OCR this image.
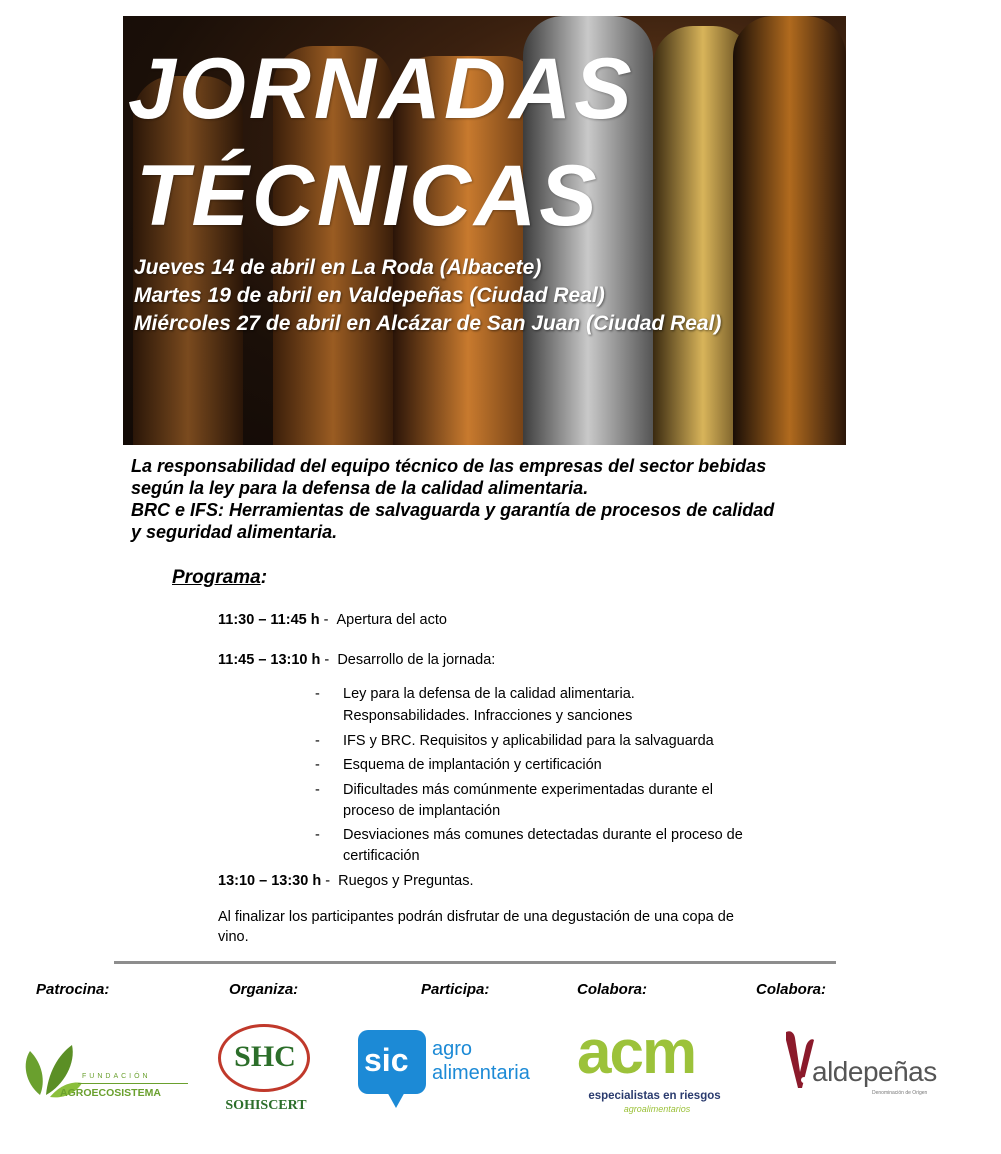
JORNADAS
TÉCNICAS
Jueves 14 de abril en La Roda (Albacete)
Martes 19 de abril en Valdepeñas (Ciudad Real)
Miércoles 27 de abril en Alcázar de San Juan (Ciudad Real)
La responsabilidad del equipo técnico de las empresas del sector bebidas
según la ley para la defensa de la calidad alimentaria.
BRC e IFS: Herramientas de salvaguarda y garantía de procesos de calidad
y seguridad alimentaria.
Programa:
11:30 – 11:45 h -  Apertura del acto
11:45 – 13:10 h -  Desarrollo de la jornada:
- Ley para la defensa de la calidad alimentaria.
Responsabilidades. Infracciones y sanciones
- IFS y BRC. Requisitos y aplicabilidad para la salvaguarda
- Esquema de implantación y certificación
- Dificultades más comúnmente experimentadas durante el
proceso de implantación
- Desviaciones más comunes detectadas durante el proceso de
certificación
13:10 – 13:30 h -  Ruegos y Preguntas.
Al finalizar los participantes podrán disfrutar de una degustación de una copa de
vino.
Patrocina:	Organiza:	Participa:	Colabora:	Colabora:
FUNDACIÓN
AGROECOSISTEMA
SHC
SOHISCERT
sic agro
alimentaria acm
especialistas en riesgos
agroalimentarios
aldepeñas
Denominación de Origen
